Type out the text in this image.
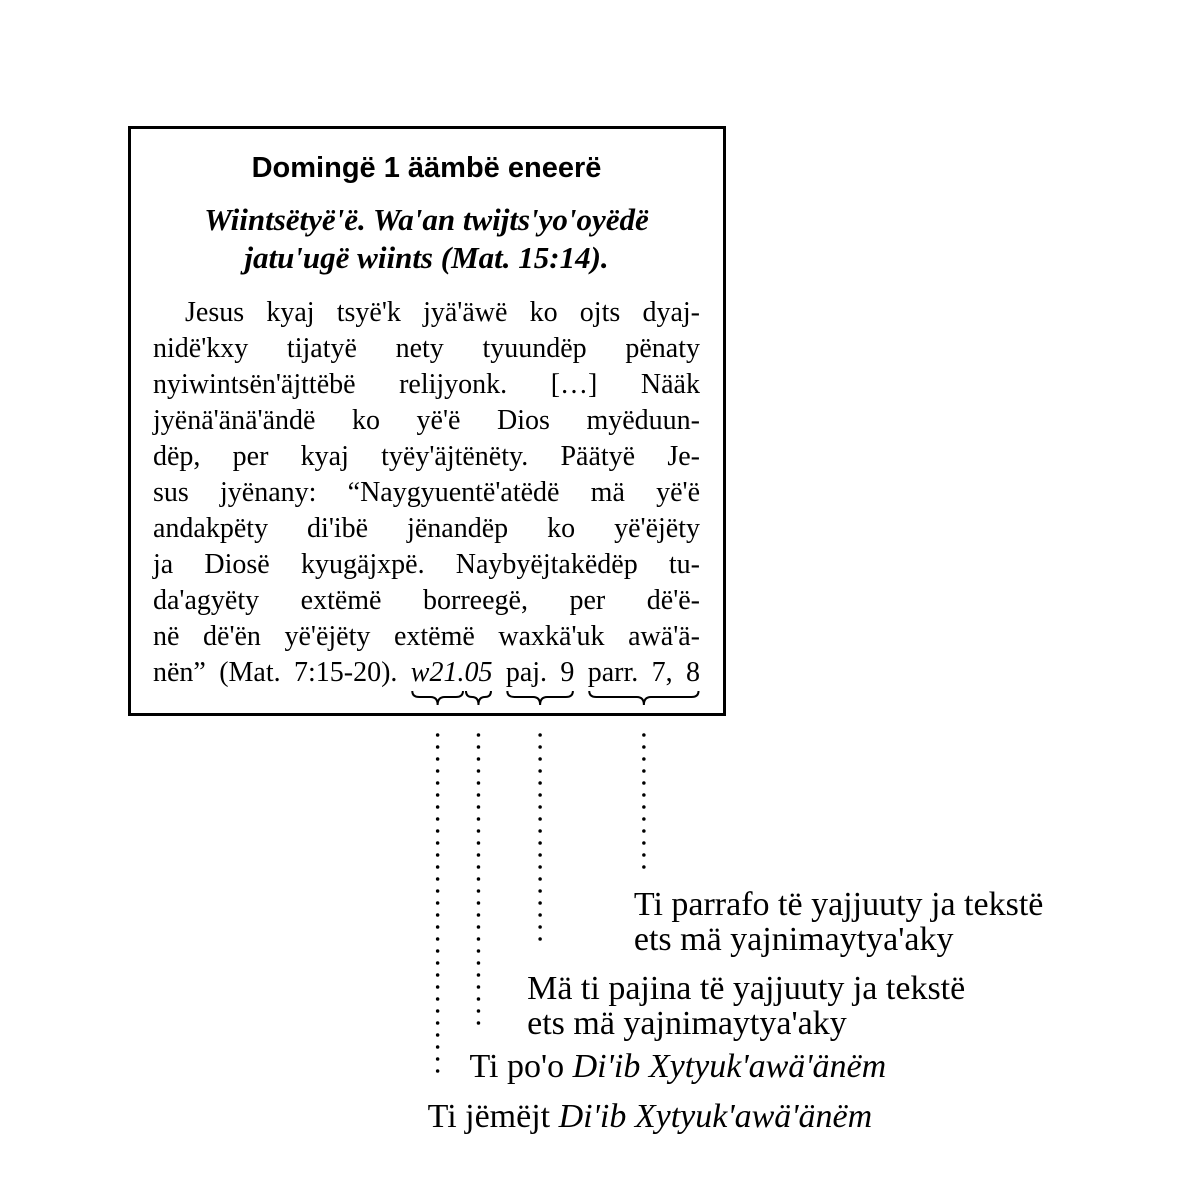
Domingë 1 äämbë eneerë
Wiintsëtyë'ë. Wa'an twijts'yo'oyëdë
jatu'ugë wiints (Mat. 15:14).
Jesus kyaj tsyë'k jyä'äwë ko ojts dyaj-
nidë'kxy tijatyë nety tyuundëp pënaty
nyiwintsën'äjttëbë relijyonk. […] Nääk
jyënä'änä'ändë ko yë'ë Dios myëduun-
dëp, per kyaj tyëy'äjtënëty. Päätyë Je-
sus jyënany: “Naygyuentë'atëdë mä yë'ë
andakpëty di'ibë jënandëp ko yë'ëjëty
ja Diosë kyugäjxpë. Naybyëjtakëdëp tu-
da'agyëty extëmë borreegë, per dë'ë-
në dë'ën yë'ëjëty extëmë waxkä'uk awä'ä-
nën” (Mat. 7:15-20). w21.05 paj. 9 parr. 7, 8
Ti parrafo të yajjuuty ja tekstë
ets mä yajnimaytya'aky
Mä ti pajina të yajjuuty ja tekstë
ets mä yajnimaytya'aky
Ti po'o Di'ib Xytyuk'awä'änëm
Ti jëmëjt Di'ib Xytyuk'awä'änëm
